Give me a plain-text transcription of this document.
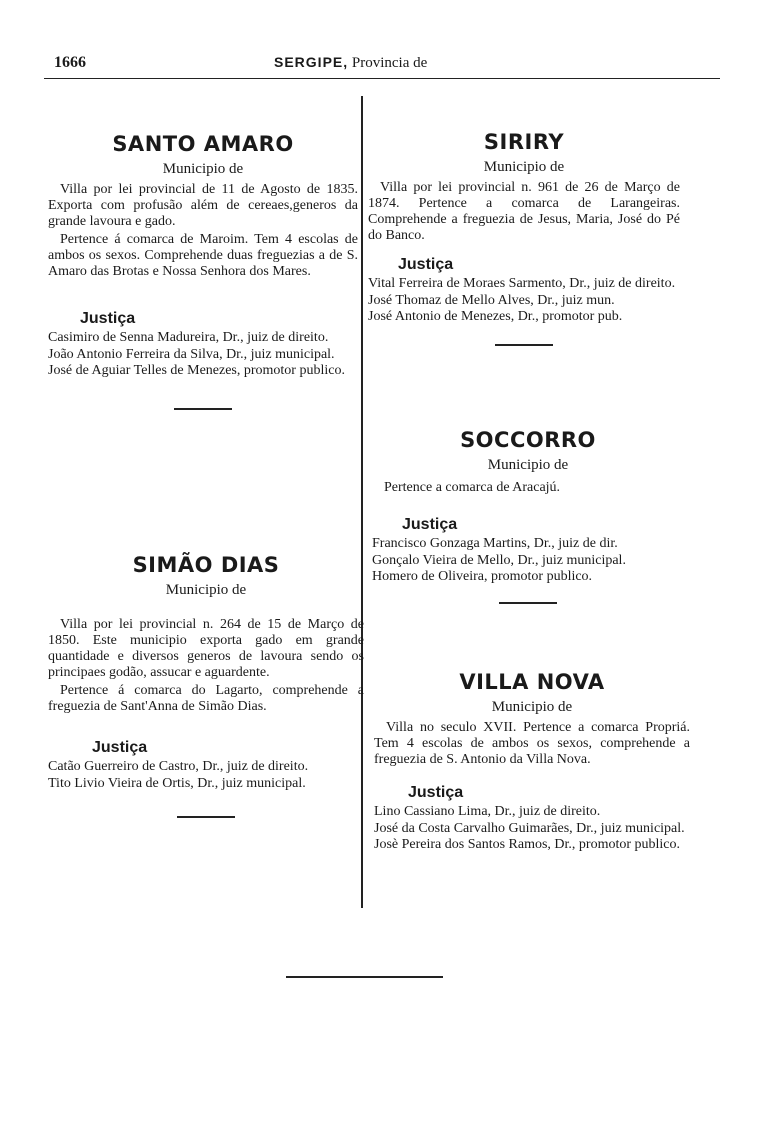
1666	SERGIPE, Provincia de

SANTO AMARO

Municipio de

Villa por lei provincial de 11 de Agosto de 1835. Exporta com profusão além de cereaes,generos da grande lavoura e gado.

Pertence á comarca de Maroim. Tem 4 escolas de ambos os sexos. Comprehende duas freguezias a de S. Amaro das Brotas e Nossa Senhora dos Mares.

Justiça

Casimiro de Senna Madureira, Dr., juiz de direito.

João Antonio Ferreira da Silva, Dr., juiz municipal.

José de Aguiar Telles de Menezes, promotor publico.

SIMÃO DIAS

Municipio de

Villa por lei provincial n. 264 de 15 de Março de 1850. Este municipio exporta gado em grande quantidade e diversos generos de lavoura sendo os principaes godão, assucar e aguardente.

Pertence á comarca do Lagarto, comprehende a freguezia de Sant'Anna de Simão Dias.

Justiça

Catão Guerreiro de Castro, Dr., juiz de direito.

Tito Livio Vieira de Ortis, Dr., juiz municipal.

SIRIRY

Municipio de

Villa por lei provincial n. 961 de 26 de Março de 1874. Pertence a comarca de Larangeiras. Comprehende a freguezia de Jesus, Maria, José do Pé do Banco.

Justiça

Vital Ferreira de Moraes Sarmento, Dr., juiz de direito.

José Thomaz de Mello Alves, Dr., juiz mun.

José Antonio de Menezes, Dr., promotor pub.

SOCCORRO

Municipio de

Pertence a comarca de Aracajú.

Justiça

Francisco Gonzaga Martins, Dr., juiz de dir.

Gonçalo Vieira de Mello, Dr., juiz municipal.

Homero de Oliveira, promotor publico.

VILLA NOVA

Municipio de

Villa no seculo XVII. Pertence a comarca Propriá. Tem 4 escolas de ambos os sexos, comprehende a freguezia de S. Antonio da Villa Nova.

Justiça

Lino Cassiano Lima, Dr., juiz de direito.

José da Costa Carvalho Guimarães, Dr., juiz municipal.

Josè Pereira dos Santos Ramos, Dr., promotor publico.
